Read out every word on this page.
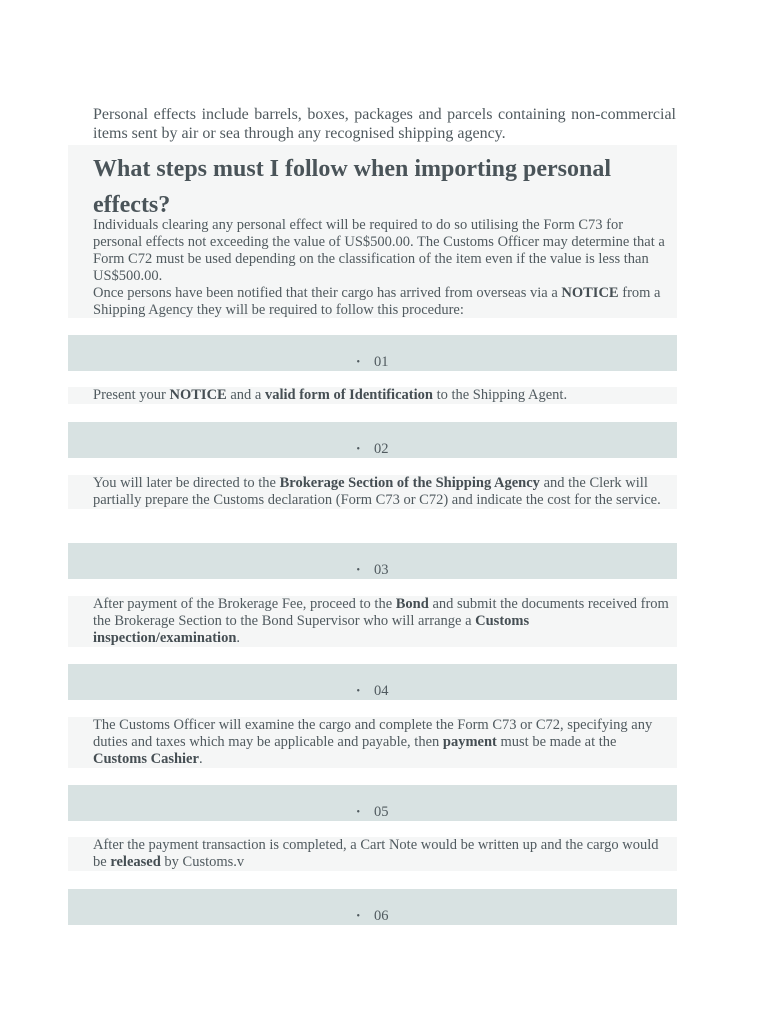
Personal effects include barrels, boxes, packages and parcels containing non-commercial items sent by air or sea through any recognised shipping agency.

What steps must I follow when importing personal effects?

Individuals clearing any personal effect will be required to do so utilising the Form C73 for personal effects not exceeding the value of US$500.00. The Customs Officer may determine that a Form C72 must be used depending on the classification of the item even if the value is less than US$500.00.

Once persons have been notified that their cargo has arrived from overseas via a NOTICE from a Shipping Agency they will be required to follow this procedure:

• 01

Present your NOTICE and a valid form of Identification to the Shipping Agent.

• 02

You will later be directed to the Brokerage Section of the Shipping Agency and the Clerk will partially prepare the Customs declaration (Form C73 or C72) and indicate the cost for the service.

• 03

After payment of the Brokerage Fee, proceed to the Bond and submit the documents received from the Brokerage Section to the Bond Supervisor who will arrange a Customs inspection/examination.

• 04

The Customs Officer will examine the cargo and complete the Form C73 or C72, specifying any duties and taxes which may be applicable and payable, then payment must be made at the Customs Cashier.

• 05

After the payment transaction is completed, a Cart Note would be written up and the cargo would be released by Customs.v

• 06
